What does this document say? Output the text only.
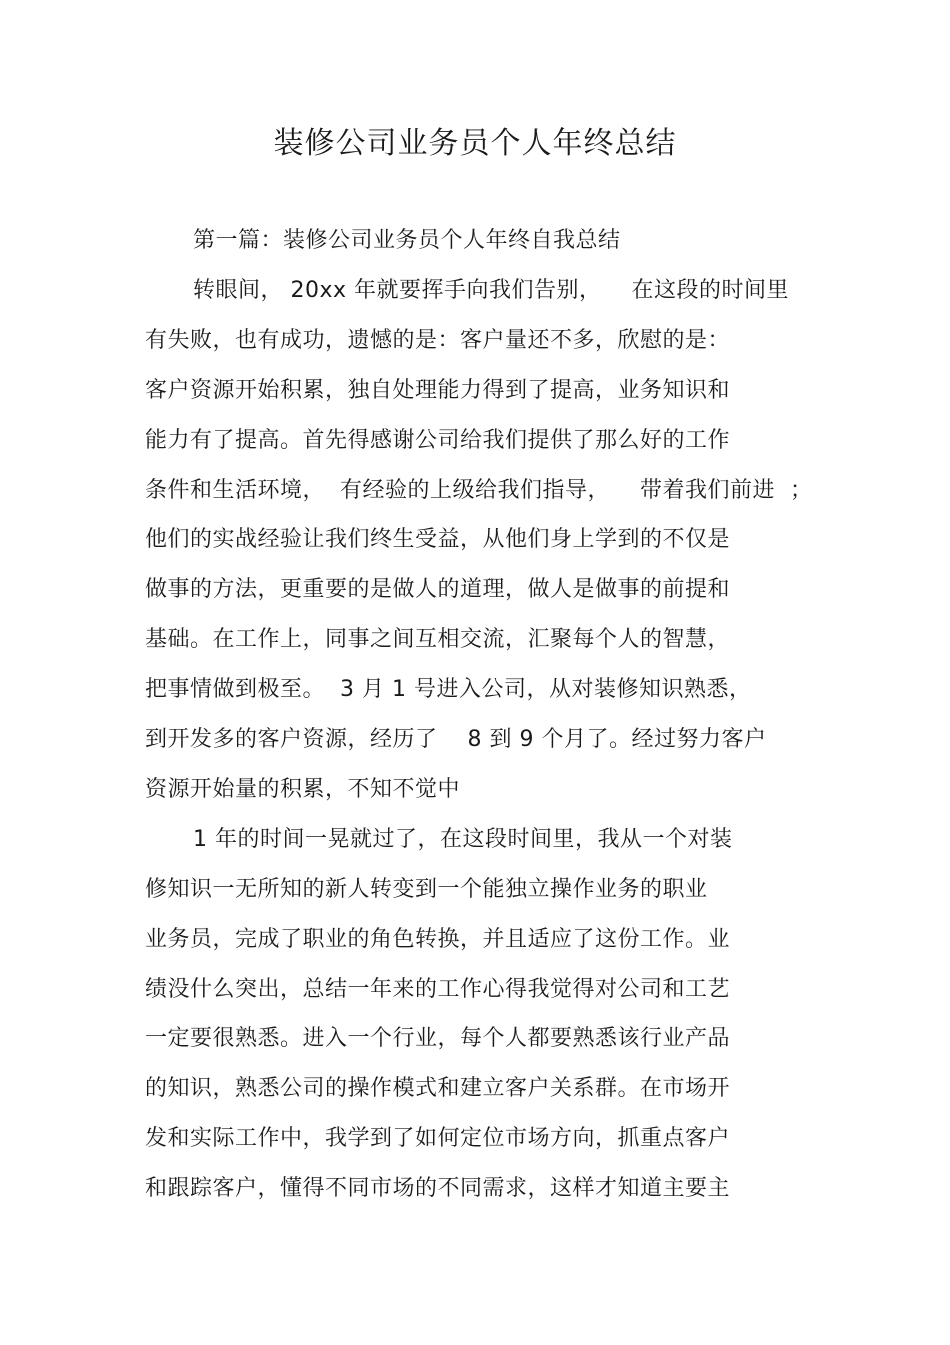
装修公司业务员个人年终总结
第一篇：装修公司业务员个人年终自我总结
转眼间， 20xx 年就要挥手向我们告别，    在这段的时间里
有失败，也有成功，遗憾的是：客户量还不多，欣慰的是：
客户资源开始积累，独自处理能力得到了提高，业务知识和
能力有了提高。首先得感谢公司给我们提供了那么好的工作
条件和生活环境，  有经验的上级给我们指导，    带着我们前进  ；
他们的实战经验让我们终生受益，从他们身上学到的不仅是
做事的方法，更重要的是做人的道理，做人是做事的前提和
基础。在工作上，同事之间互相交流，汇聚每个人的智慧，
把事情做到极至。  3 月 1 号进入公司，从对装修知识熟悉，
到开发多的客户资源，经历了    8 到 9 个月了。经过努力客户
资源开始量的积累，不知不觉中
1 年的时间一晃就过了，在这段时间里，我从一个对装
修知识一无所知的新人转变到一个能独立操作业务的职业
业务员，完成了职业的角色转换，并且适应了这份工作。业
绩没什么突出，总结一年来的工作心得我觉得对公司和工艺
一定要很熟悉。进入一个行业，每个人都要熟悉该行业产品
的知识，熟悉公司的操作模式和建立客户关系群。在市场开
发和实际工作中，我学到了如何定位市场方向，抓重点客户
和跟踪客户，懂得不同市场的不同需求，这样才知道主要主
